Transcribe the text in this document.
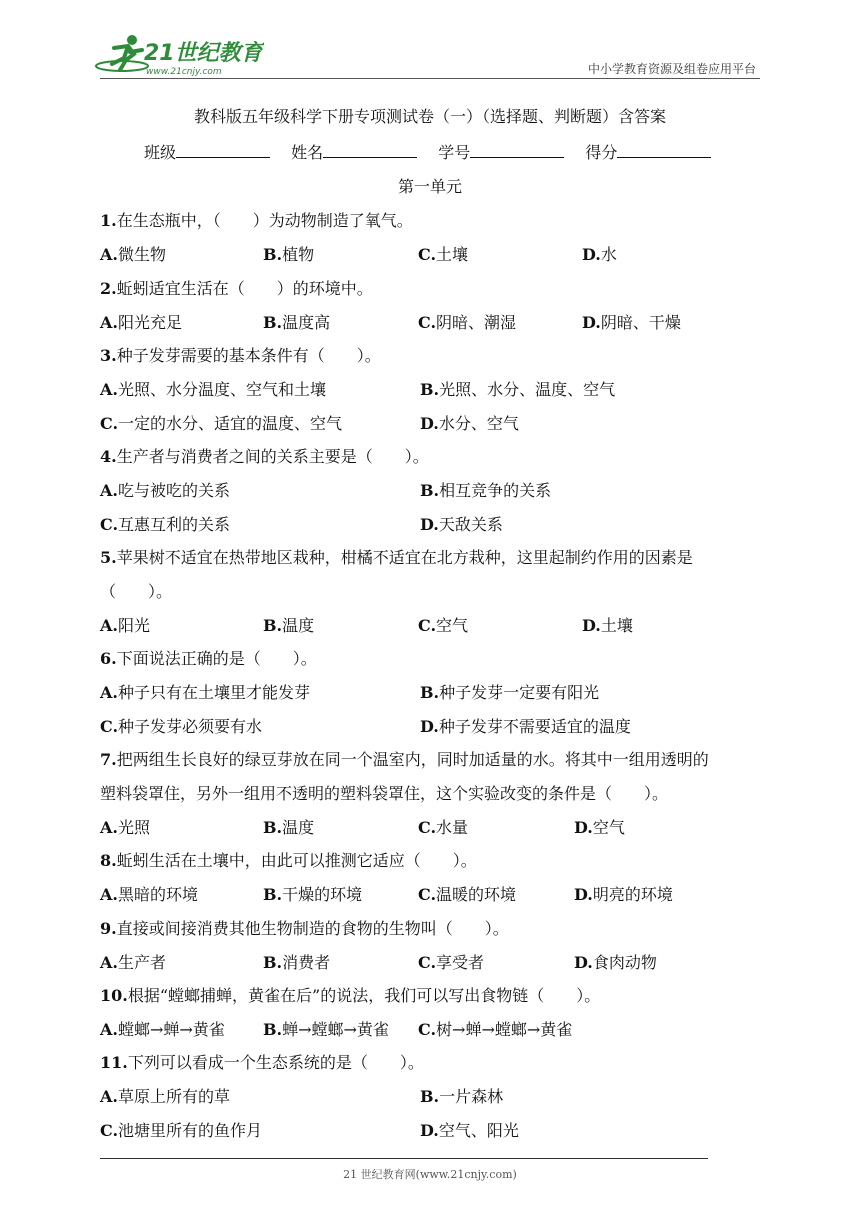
21世纪教育
www.21cnjy.com	中小学教育资源及组卷应用平台
教科版五年级科学下册专项测试卷（一）（选择题、判断题）含答案
班级	姓名	学号	得分
第一单元
1.在生态瓶中，（　　）为动物制造了氧气。
A.微生物	B.植物	C.土壤	D.水
2.蚯蚓适宜生活在（　　）的环境中。
A.阳光充足	B.温度高	C.阴暗、潮湿	D.阴暗、干燥
3.种子发芽需要的基本条件有（　　）。
A.光照、水分温度、空气和土壤	B.光照、水分、温度、空气
C.一定的水分、适宜的温度、空气	D.水分、空气
4.生产者与消费者之间的关系主要是（　　）。
A.吃与被吃的关系	B.相互竞争的关系
C.互惠互利的关系	D.天敌关系
5.苹果树不适宜在热带地区栽种，柑橘不适宜在北方栽种，这里起制约作用的因素是
（　　）。
A.阳光	B.温度	C.空气	D.土壤
6.下面说法正确的是（　　）。
A.种子只有在土壤里才能发芽	B.种子发芽一定要有阳光
C.种子发芽必须要有水	D.种子发芽不需要适宜的温度
7.把两组生长良好的绿豆芽放在同一个温室内，同时加适量的水。将其中一组用透明的
塑料袋罩住，另外一组用不透明的塑料袋罩住，这个实验改变的条件是（　　）。
A.光照	B.温度	C.水量	D.空气
8.蚯蚓生活在土壤中，由此可以推测它适应（　　）。
A.黑暗的环境	B.干燥的环境	C.温暖的环境	D.明亮的环境
9.直接或间接消费其他生物制造的食物的生物叫（　　）。
A.生产者	B.消费者	C.享受者	D.食肉动物
10.根据“螳螂捕蝉，黄雀在后”的说法，我们可以写出食物链（　　）。
A.螳螂→蝉→黄雀 B.蝉→螳螂→黄雀 C.树→蝉→螳螂→黄雀
11.下列可以看成一个生态系统的是（　　）。
A.草原上所有的草	B.一片森林
C.池塘里所有的鱼作月	D.空气、阳光
21 世纪教育网(www.21cnjy.com)
